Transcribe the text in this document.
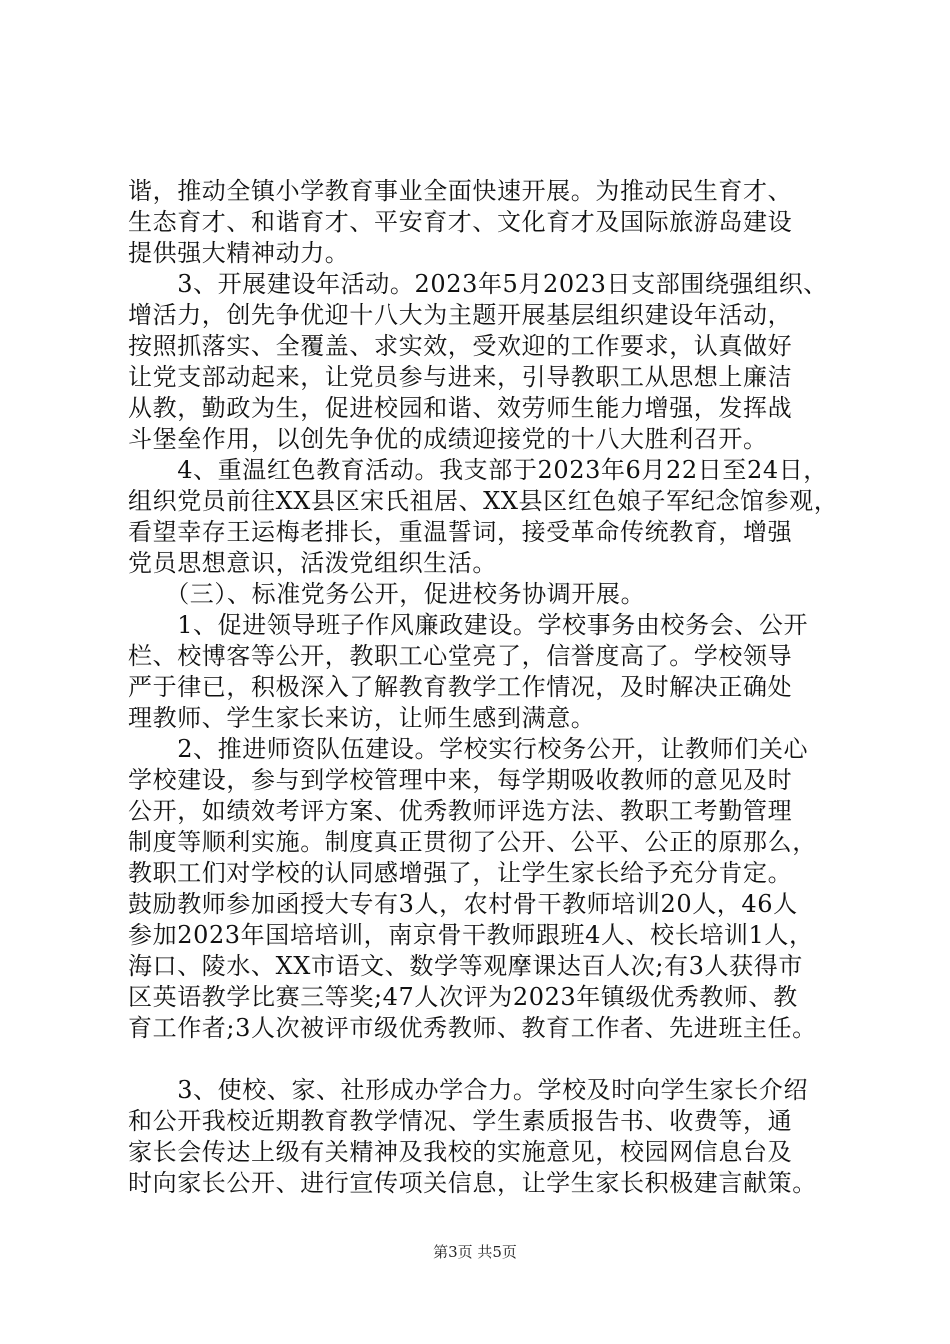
谐，推动全镇小学教育事业全面快速开展。为推动民生育才、
生态育才、和谐育才、平安育才、文化育才及国际旅游岛建设
提供强大精神动力。
　　3、开展建设年活动。2023年5月2023日支部围绕强组织、
增活力，创先争优迎十八大为主题开展基层组织建设年活动，
按照抓落实、全覆盖、求实效，受欢迎的工作要求，认真做好
让党支部动起来，让党员参与进来，引导教职工从思想上廉洁
从教，勤政为生，促进校园和谐、效劳师生能力增强，发挥战
斗堡垒作用，以创先争优的成绩迎接党的十八大胜利召开。
　　4、重温红色教育活动。我支部于2023年6月22日至24日，
组织党员前往XX县区宋氏祖居、XX县区红色娘子军纪念馆参观，
看望幸存王运梅老排长，重温誓词，接受革命传统教育，增强
党员思想意识，活泼党组织生活。
　　（三）、标准党务公开，促进校务协调开展。
　　1、促进领导班子作风廉政建设。学校事务由校务会、公开
栏、校博客等公开，教职工心堂亮了，信誉度高了。学校领导
严于律已，积极深入了解教育教学工作情况，及时解决正确处
理教师、学生家长来访，让师生感到满意。
　　2、推进师资队伍建设。学校实行校务公开，让教师们关心
学校建设，参与到学校管理中来，每学期吸收教师的意见及时
公开，如绩效考评方案、优秀教师评选方法、教职工考勤管理
制度等顺利实施。制度真正贯彻了公开、公平、公正的原那么，
教职工们对学校的认同感增强了，让学生家长给予充分肯定。
鼓励教师参加函授大专有3人，农村骨干教师培训20人，46人
参加2023年国培培训，南京骨干教师跟班4人、校长培训1人，
海口、陵水、XX市语文、数学等观摩课达百人次;有3人获得市
区英语教学比赛三等奖;47人次评为2023年镇级优秀教师、教
育工作者;3人次被评市级优秀教师、教育工作者、先进班主任。
　　3、使校、家、社形成办学合力。学校及时向学生家长介绍
和公开我校近期教育教学情况、学生素质报告书、收费等，通
家长会传达上级有关精神及我校的实施意见，校园网信息台及
时向家长公开、进行宣传项关信息，让学生家长积极建言献策。
第3页 共5页
